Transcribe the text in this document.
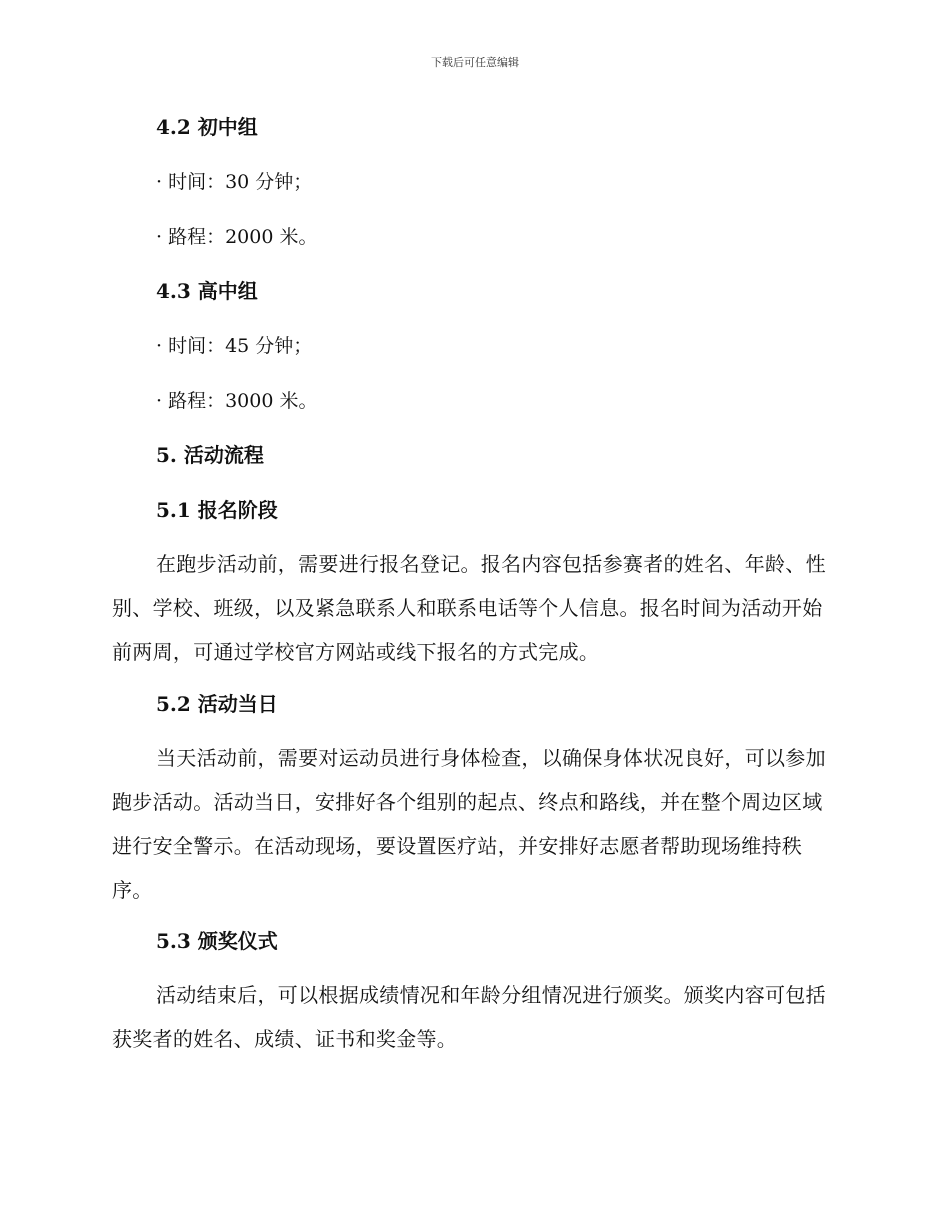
下载后可任意编辑
4.2 初中组
· 时间：30 分钟；
· 路程：2000 米。
4.3 高中组
· 时间：45 分钟；
· 路程：3000 米。
5. 活动流程
5.1 报名阶段
在跑步活动前，需要进行报名登记。报名内容包括参赛者的姓名、年龄、性别、学校、班级，以及紧急联系人和联系电话等个人信息。报名时间为活动开始前两周，可通过学校官方网站或线下报名的方式完成。
5.2 活动当日
当天活动前，需要对运动员进行身体检查，以确保身体状况良好，可以参加跑步活动。活动当日，安排好各个组别的起点、终点和路线，并在整个周边区域进行安全警示。在活动现场，要设置医疗站，并安排好志愿者帮助现场维持秩序。
5.3 颁奖仪式
活动结束后，可以根据成绩情况和年龄分组情况进行颁奖。颁奖内容可包括获奖者的姓名、成绩、证书和奖金等。
